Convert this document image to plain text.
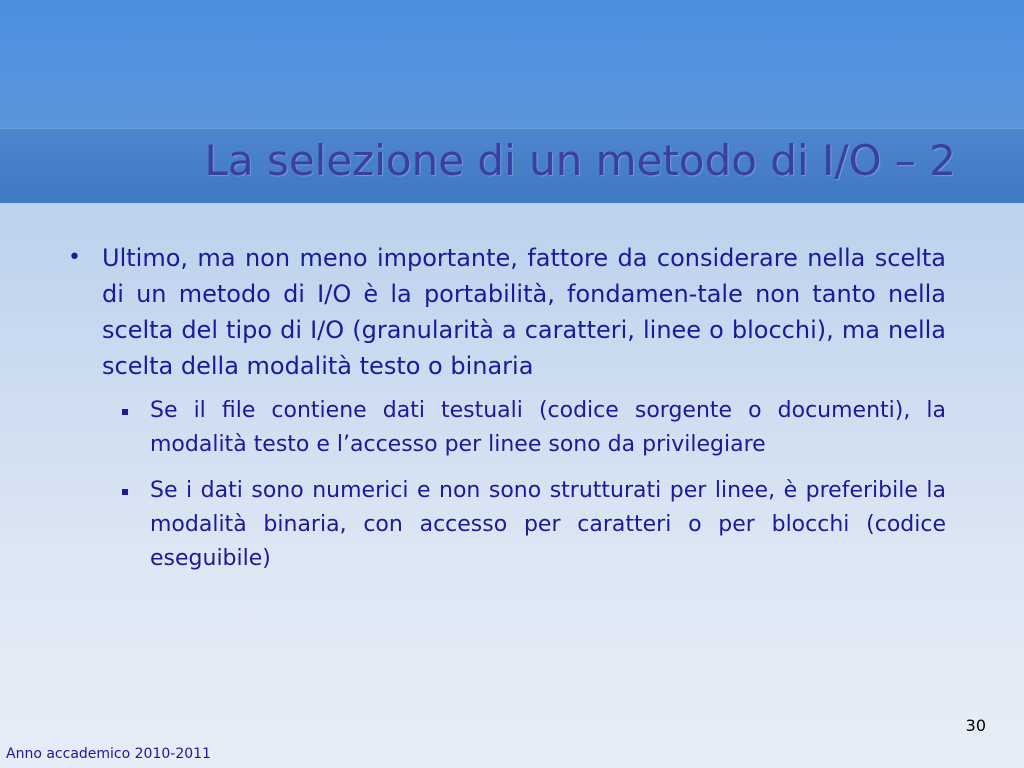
La selezione di un metodo di I/O – 2
• Ultimo, ma non meno importante, fattore da considerare nella scelta di un metodo di I/O è la portabilità, fondamen-tale non tanto nella scelta del tipo di I/O (granularità a caratteri, linee o blocchi), ma nella scelta della modalità testo o binaria
Se il file contiene dati testuali (codice sorgente o documenti), la modalità testo e l’accesso per linee sono da privilegiare
Se i dati sono numerici e non sono strutturati per linee, è preferibile la modalità binaria, con accesso per caratteri o per blocchi (codice eseguibile)
30
Anno accademico 2010-2011
